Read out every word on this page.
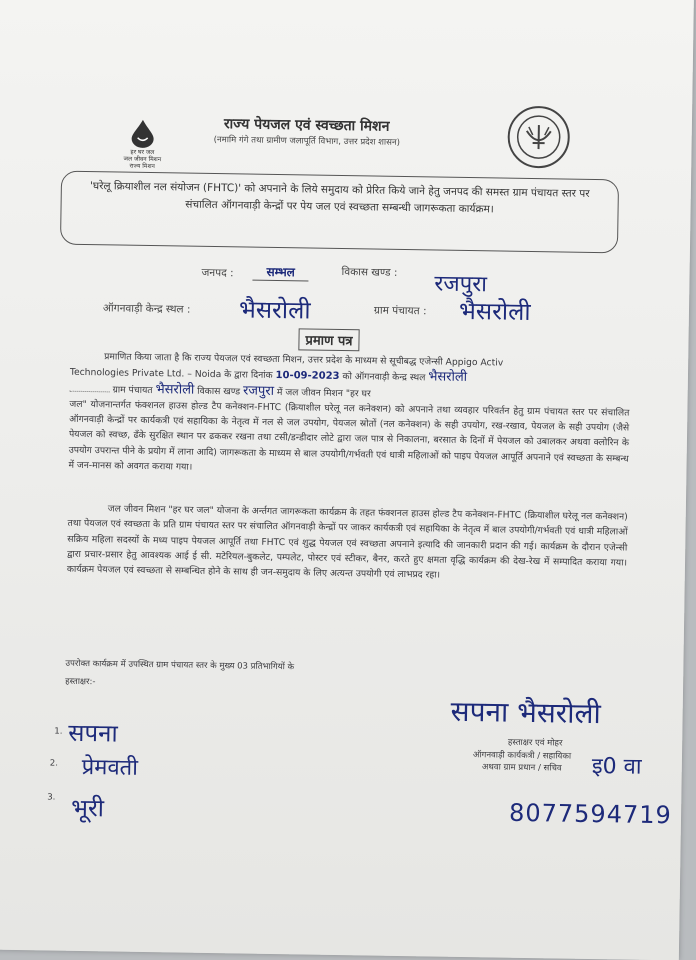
हर घर जल
जल जीवन मिशन
राज्य मिशन
राज्य पेयजल एवं स्वच्छता मिशन
(नमामि गंगे तथा ग्रामीण जलापूर्ति विभाग, उत्तर प्रदेश शासन)
'घरेलू क्रियाशील नल संयोजन (FHTC)' को अपनाने के लिये समुदाय को प्रेरित किये जाने हेतु जनपद की समस्त ग्राम पंचायत स्तर पर संचालित ऑगनवाड़ी केन्द्रों पर पेय जल एवं स्वच्छता सम्बन्धी जागरूकता कार्यक्रम।
जनपद :	सम्भल	विकास खण्ड : रजपुरा
ऑगनवाड़ी केन्द्र स्थल : भैसरोली	ग्राम पंचायत : भैसरोली
प्रमाण पत्र
प्रमाणित किया जाता है कि राज्य पेयजल एवं स्वच्छता मिशन, उत्तर प्रदेश के माध्यम से सूचीबद्ध एजेन्सी Appigo Activ
Technologies Private Ltd. – Noida के द्वारा दिनांक 10-09-2023 को ऑगनवाड़ी केन्द्र स्थल भैसरोली
ग्राम पंचायत भैसरोली विकास खण्ड रजपुरा में जल जीवन मिशन "हर घर
जल" योजनान्तर्गत फंक्शनल हाउस होल्ड टैप कनेक्शन-FHTC (क्रियाशील घरेलू नल कनेक्शन) को अपनाने तथा व्यवहार परिवर्तन हेतु ग्राम पंचायत स्तर पर संचालित ऑगनवाड़ी केन्द्रों पर कार्यकत्री एवं सहायिका के नेतृत्व में नल से जल उपयोग, पेयजल स्रोतों (नल कनेक्शन) के सही उपयोग, रख-रखाव, पेयजल के सही उपयोग (जैसे पेयजल को स्वच्छ, ढँके सुरक्षित स्थान पर ढककर रखना तथा टसी/डन्डीदार लोटे द्वारा जल पात्र से निकालना, बरसात के दिनों में पेयजल को उबालकर अथवा क्लोरिन के उपयोग उपरान्त पीने के प्रयोग में लाना आदि) जागरूकता के माध्यम से बाल उपयोगी/गर्भवती एवं धात्री महिलाओं को पाइप पेयजल आपूर्ति अपनाने एवं स्वच्छता के सम्बन्ध में जन-मानस को अवगत कराया गया।
जल जीवन मिशन "हर घर जल" योजना के अर्न्तगत जागरूकता कार्यक्रम के तहत फंक्शनल हाउस होल्ड टैप कनेक्शन-FHTC (क्रियाशील घरेलू नल कनेक्शन) तथा पेयजल एवं स्वच्छता के प्रति ग्राम पंचायत स्तर पर संचालित ऑगनवाड़ी केन्द्रों पर जाकर कार्यकत्री एवं सहायिका के नेतृत्व में बाल उपयोगी/गर्भवती एवं धात्री महिलाओं सक्रिय महिला सदस्यों के मध्य पाइप पेयजल आपूर्ति तथा FHTC एवं शुद्ध पेयजल एवं स्वच्छता अपनाने इत्यादि की जानकारी प्रदान की गई। कार्यक्रम के दौरान एजेन्सी द्वारा प्रचार-प्रसार हेतु आवश्यक आई ई सी. मटेरियल-बुकलेट, पम्पलेट, पोस्टर एवं स्टीकर, बैनर, करते हुए क्षमता वृद्धि कार्यक्रम की देख-रेख में सम्पादित कराया गया। कार्यक्रम पेयजल एवं स्वच्छता से सम्बन्धित होने के साथ ही जन-समुदाय के लिए अत्यन्त उपयोगी एवं लाभप्रद रहा।
उपरोक्त कार्यक्रम में उपस्थित ग्राम पंचायत स्तर के मुख्य 03 प्रतिभागियों के
हस्ताक्षर:-
1. सपना
2. प्रेमवती
3. भूरी
सपना भैसरोली
हस्ताक्षर एवं मोहर
ऑगनवाड़ी कार्यकत्री / सहायिका
अथवा ग्राम प्रधान / सचिव	इ0 वा
8077594719
